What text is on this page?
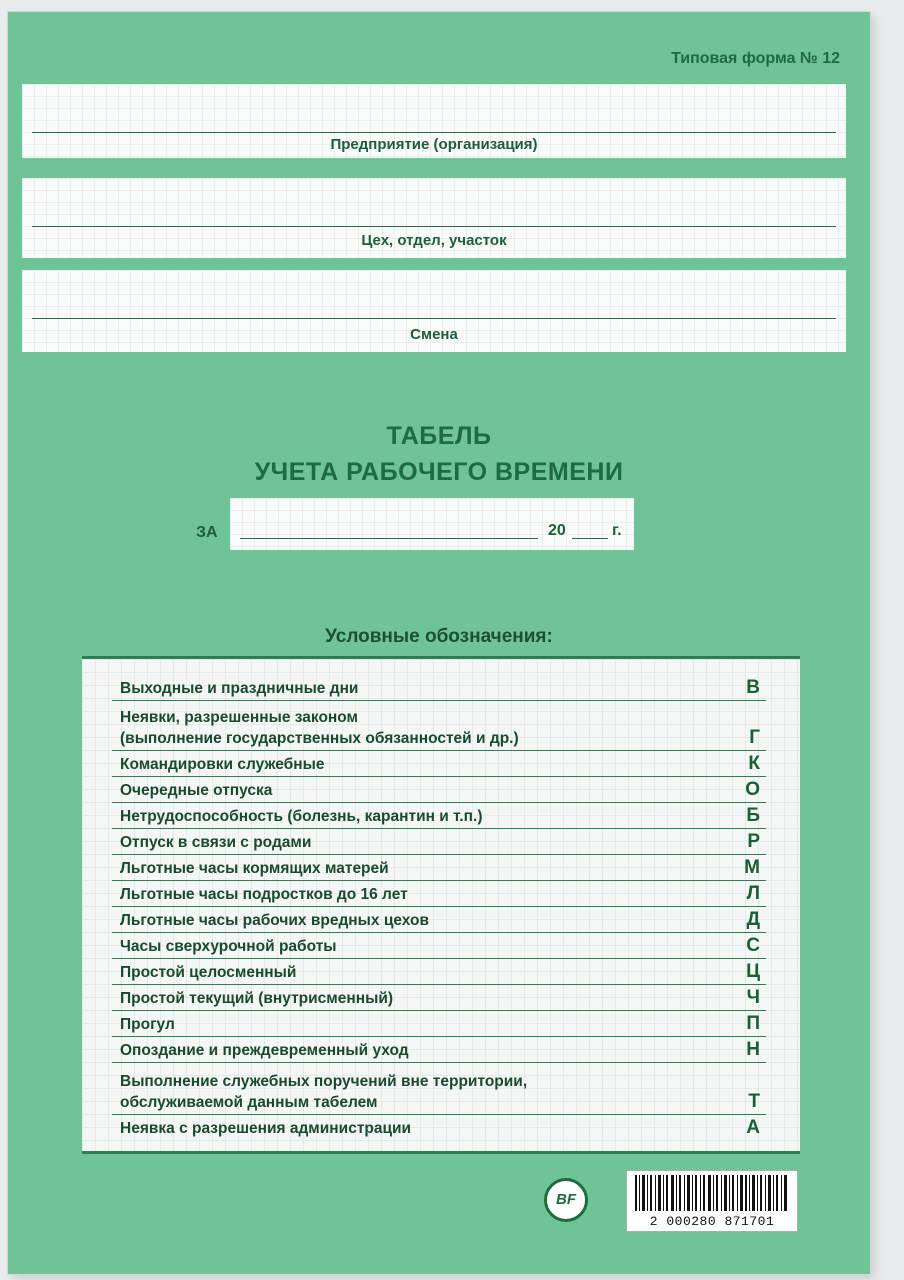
Типовая форма № 12
Предприятие (организация)
Цех, отдел, участок
Смена
ТАБЕЛЬ
УЧЕТА РАБОЧЕГО ВРЕМЕНИ
ЗА	20	г.
Условные обозначения:
Выходные и праздничные дни	В
Неявки, разрешенные законом
(выполнение государственных обязанностей и др.)	Г
Командировки служебные	К
Очередные отпуска	О
Нетрудоспособность (болезнь, карантин и т.п.)	Б
Отпуск в связи с родами	Р
Льготные часы кормящих матерей	М
Льготные часы подростков до 16 лет	Л
Льготные часы рабочих вредных цехов	Д
Часы сверхурочной работы	С
Простой целосменный	Ц
Простой текущий (внутрисменный)	Ч
Прогул	П
Опоздание и преждевременный уход	Н
Выполнение служебных поручений вне территории,
обслуживаемой данным табелем	Т
Неявка с разрешения администрации	А
BF
2 000280 871701
